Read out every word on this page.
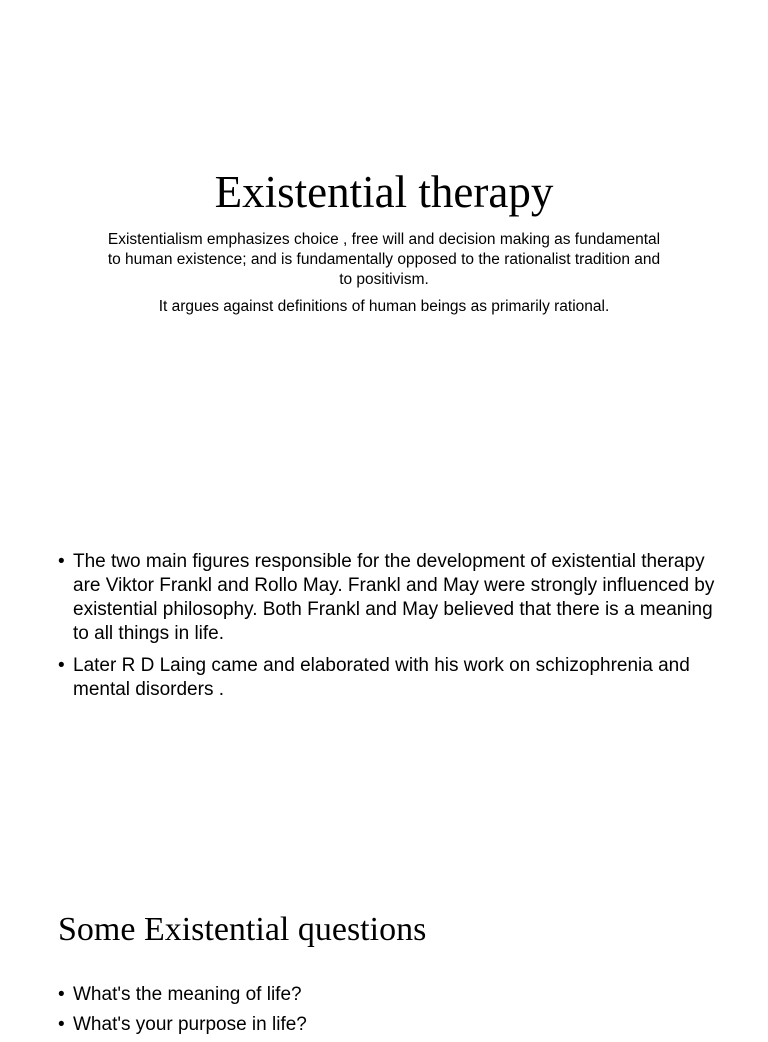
Existential therapy

Existentialism emphasizes choice , free will and decision making as fundamental to human existence; and is fundamentally opposed to the rationalist tradition and to positivism.

It argues against definitions of human beings as primarily rational.

• The two main figures responsible for the development of existential therapy are Viktor Frankl and Rollo May. Frankl and May were strongly influenced by existential philosophy. Both Frankl and May believed that there is a meaning to all things in life.
• Later R D Laing came and elaborated with his work on schizophrenia and mental disorders .
Some Existential questions
• What's the meaning of life?
• What's your purpose in life?
